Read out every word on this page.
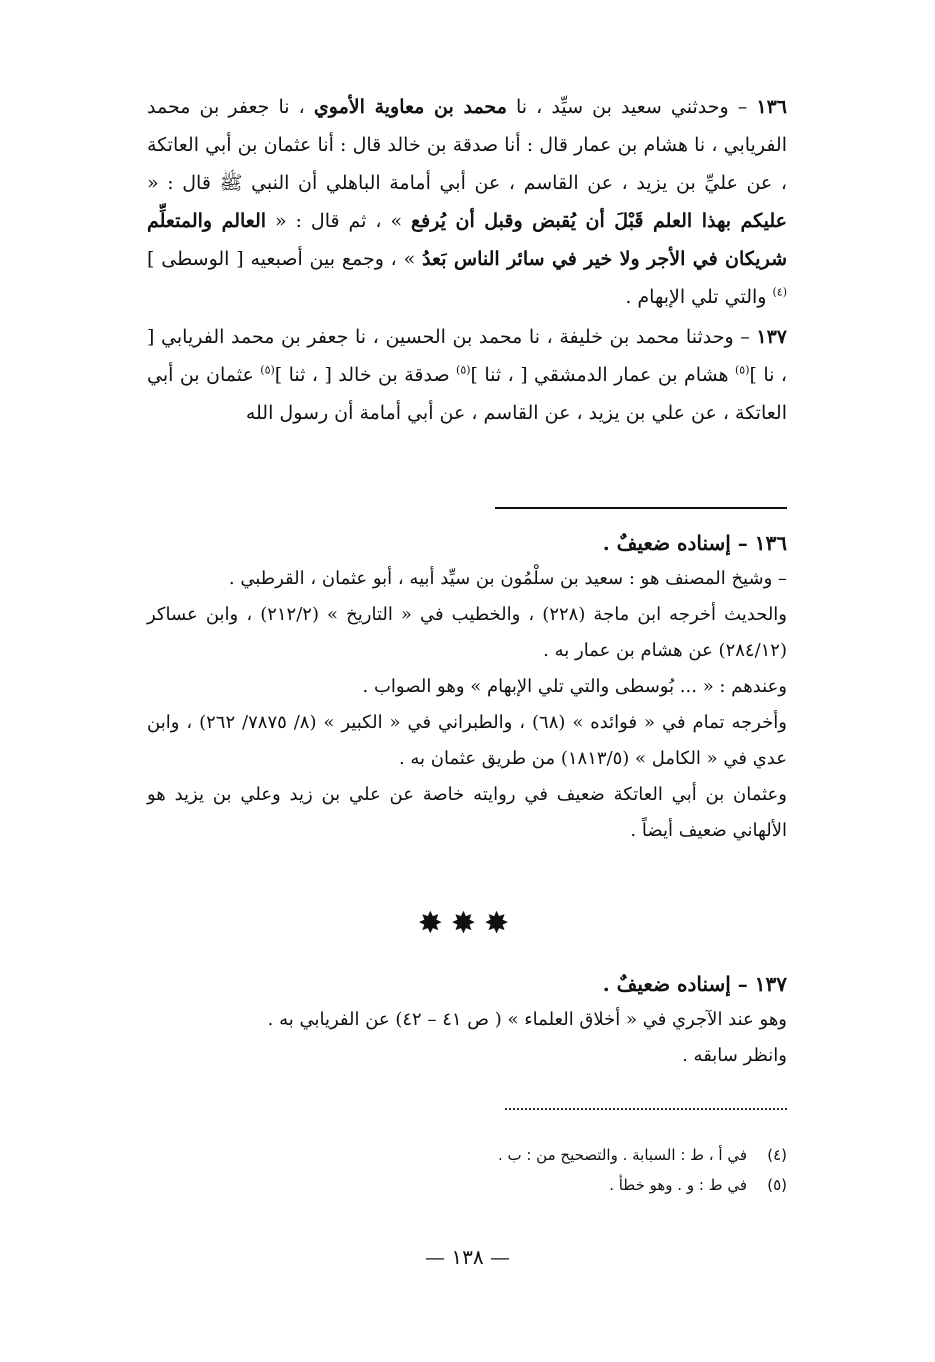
١٣٦ – وحدثني سعيد بن سيِّد ، نا محمد بن معاوية الأموي ، نا جعفر بن محمد الفريابي ، نا هشام بن عمار قال : أنا صدقة بن خالد قال : أنا عثمان بن أبي العاتكة ، عن عليِّ بن يزيد ، عن القاسم ، عن أبي أمامة الباهلي أن النبي ﷺ قال : « عليكم بهذا العلم قَبْلَ أن يُقبض وقبل أن يُرفع » ، ثم قال : « العالم والمتعلِّم شريكان في الأجر ولا خير في سائر الناس بَعدُ » ، وجمع بين أصبعيه [ الوسطى ]$^{(٤)}$ والتي تلي الإبهام .

١٣٧ – وحدثنا محمد بن خليفة ، نا محمد بن الحسين ، نا جعفر بن محمد الفريابي [ ، نا ]$^{(٥)}$ هشام بن عمار الدمشقي [ ، ثنا ]$^{(٥)}$ صدقة بن خالد [ ، ثنا ]$^{(٥)}$ عثمان بن أبي العاتكة ، عن علي بن يزيد ، عن القاسم ، عن أبي أمامة أن رسول الله

١٣٦ – إسناده ضعيفٌ .

– وشيخ المصنف هو : سعيد بن سلْمُون بن سيِّد أبيه ، أبو عثمان ، القرطبي .

والحديث أخرجه ابن ماجة (٢٢٨) ، والخطيب في « التاريخ » (٢١٢/٢) ، وابن عساكر (٢٨٤/١٢) عن هشام بن عمار به .

وعندهم : « ... بُوسطى والتي تلي الإبهام » وهو الصواب .

وأخرجه تمام في « فوائده » (٦٨) ، والطبراني في « الكبير » (٨/ ٧٨٧٥/ ٢٦٢) ، وابن عدي في « الكامل » (١٨١٣/٥) من طريق عثمان به .

وعثمان بن أبي العاتكة ضعيف في روايته خاصة عن علي بن زيد وعلي بن يزيد هو الألهاني ضعيف أيضاً .

✸✸✸

١٣٧ – إسناده ضعيفٌ .

وهو عند الآجري في « أخلاق العلماء » ( ص ٤١ – ٤٢) عن الفريابي به .

وانظر سابقه .

(٤)في أ ، ط : السبابة . والتصحيح من : ب .

(٥)في ط : و . وهو خطأ .

— ١٣٨ —
